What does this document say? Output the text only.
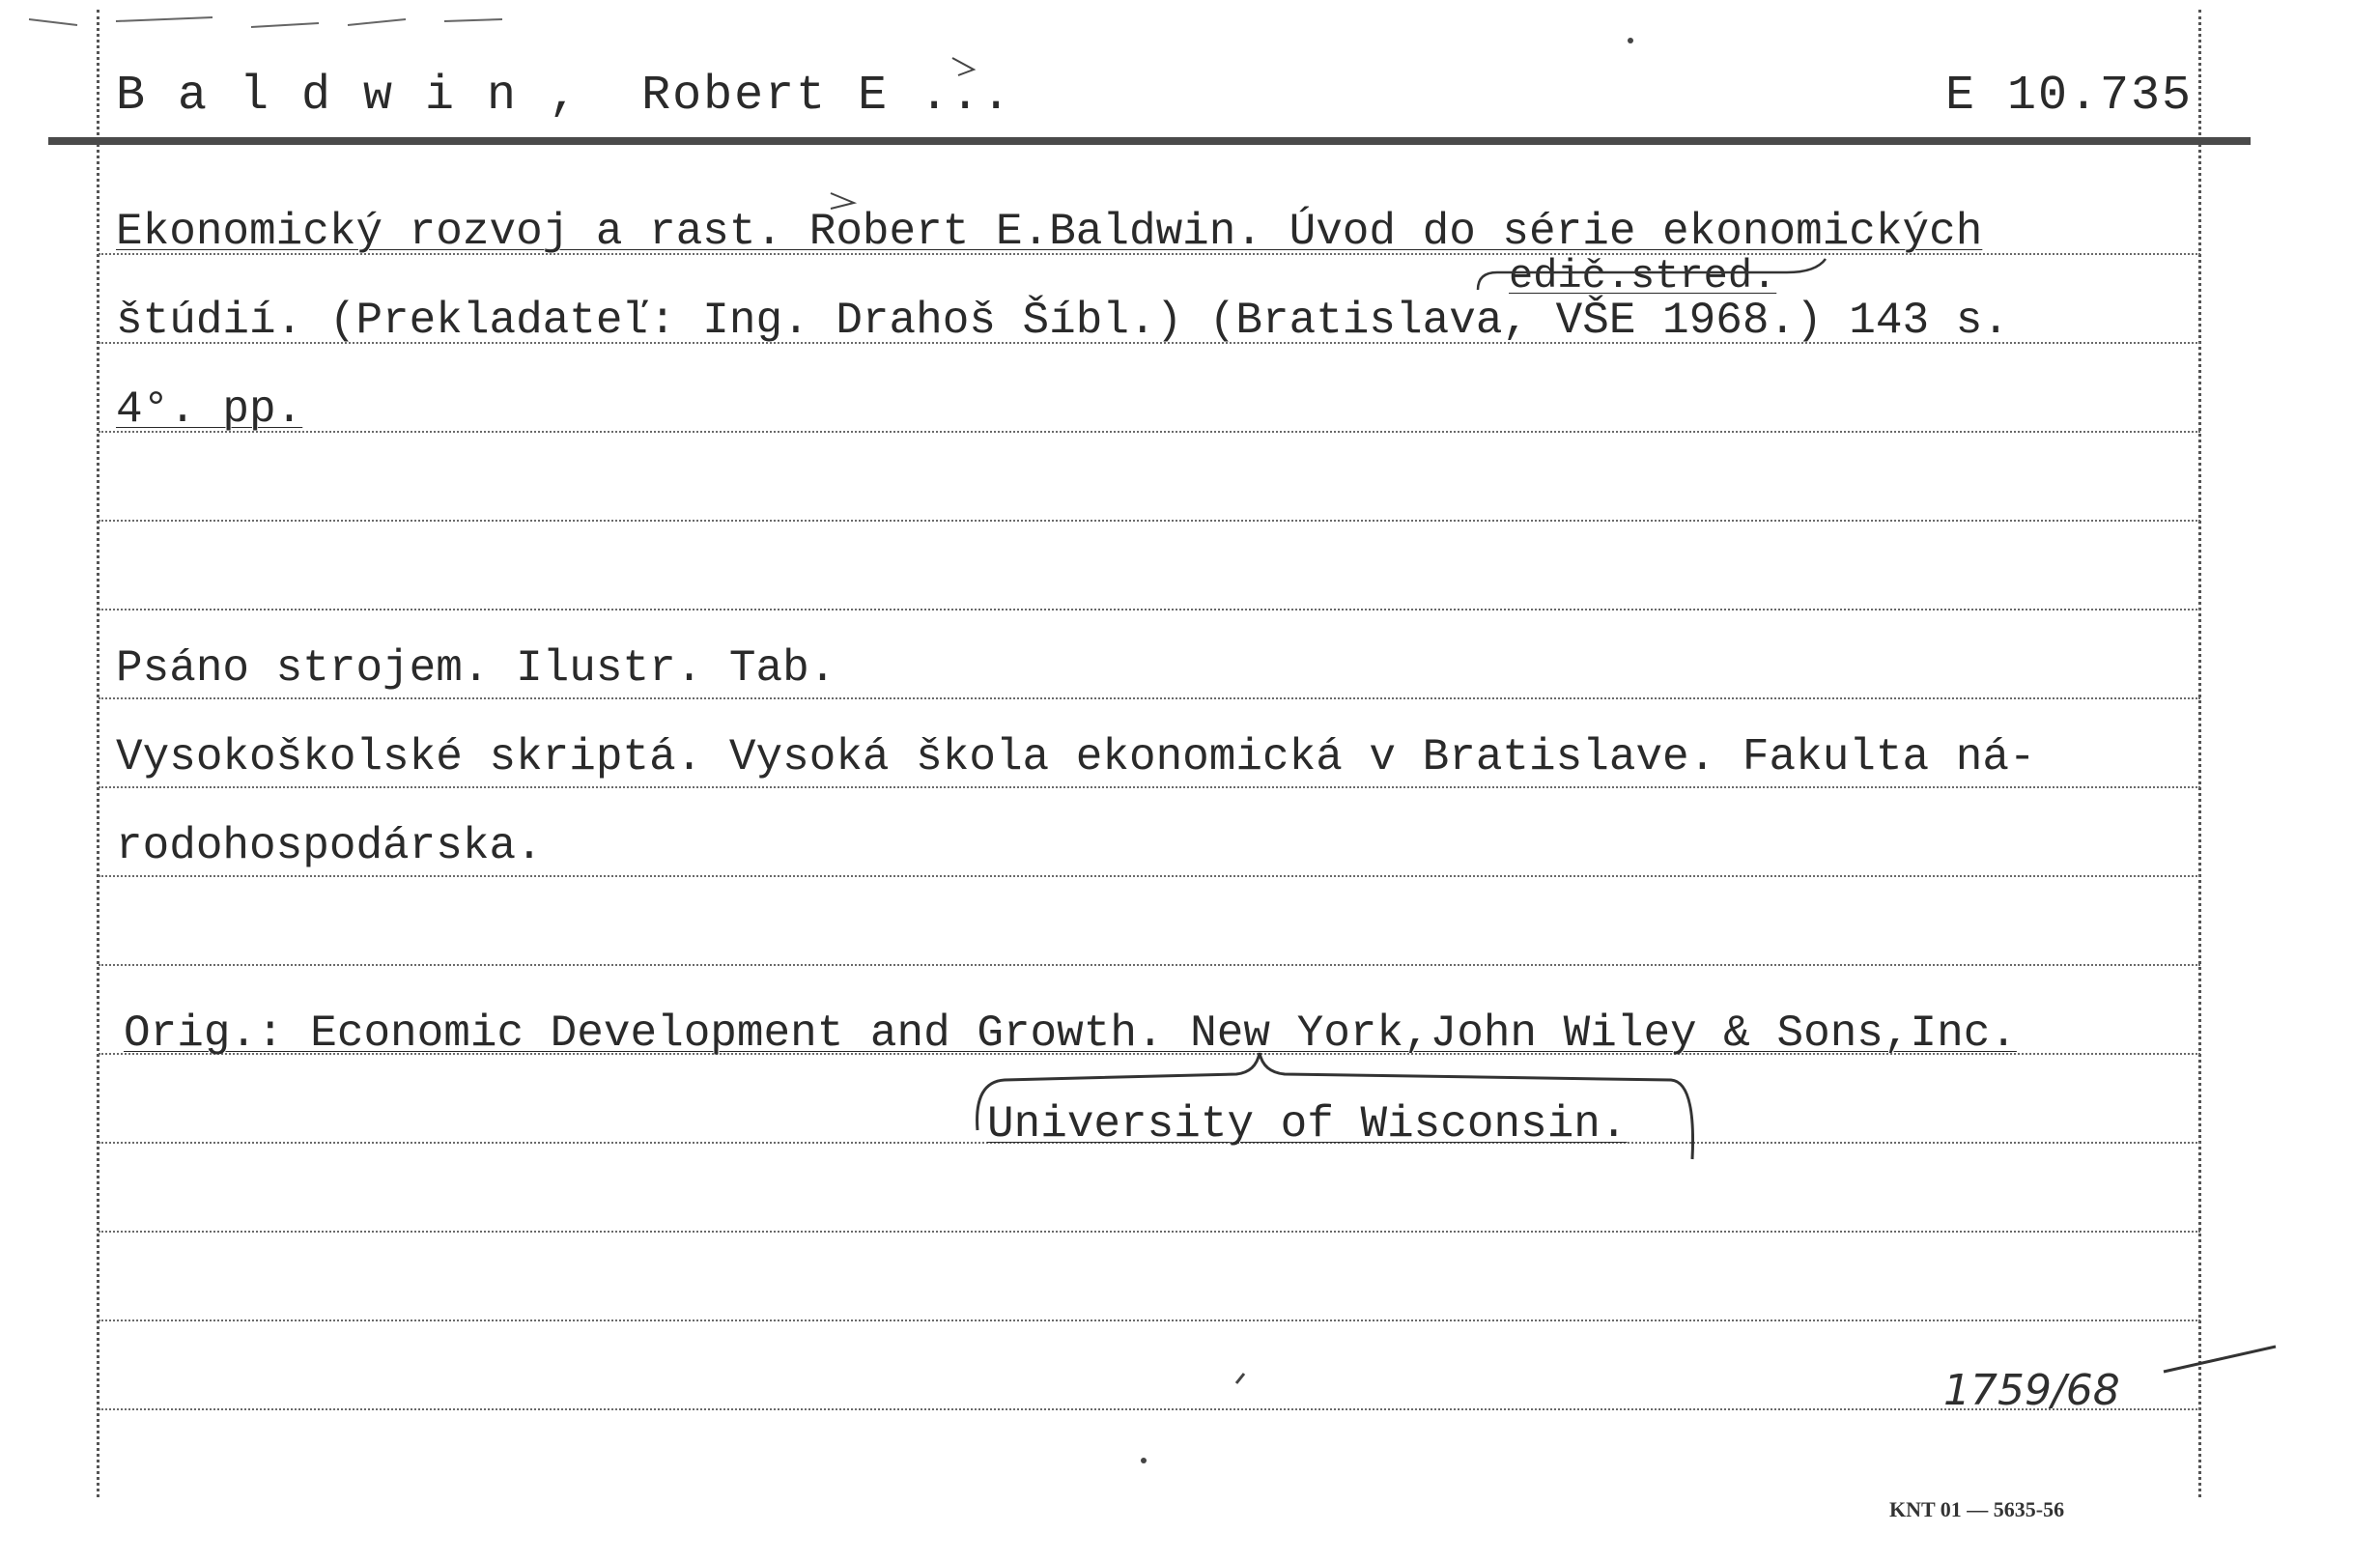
B a l d w i n ,  Robert E ...	E 10.735
Ekonomický rozvoj a rast. Robert E.Baldwin. Úvod do série ekonomických
edič.stred.
štúdií. (Prekladateľ: Ing. Drahoš Šíbl.) (Bratislava, VŠE 1968.) 143 s.
4°. pp.
Psáno strojem. Ilustr. Tab.
Vysokoškolské skriptá. Vysoká škola ekonomická v Bratislave. Fakulta ná-
rodohospodárska.
Orig.: Economic Development and Growth. New York,John Wiley & Sons,Inc.
University of Wisconsin.
1759/68
KNT 01 — 5635-56
